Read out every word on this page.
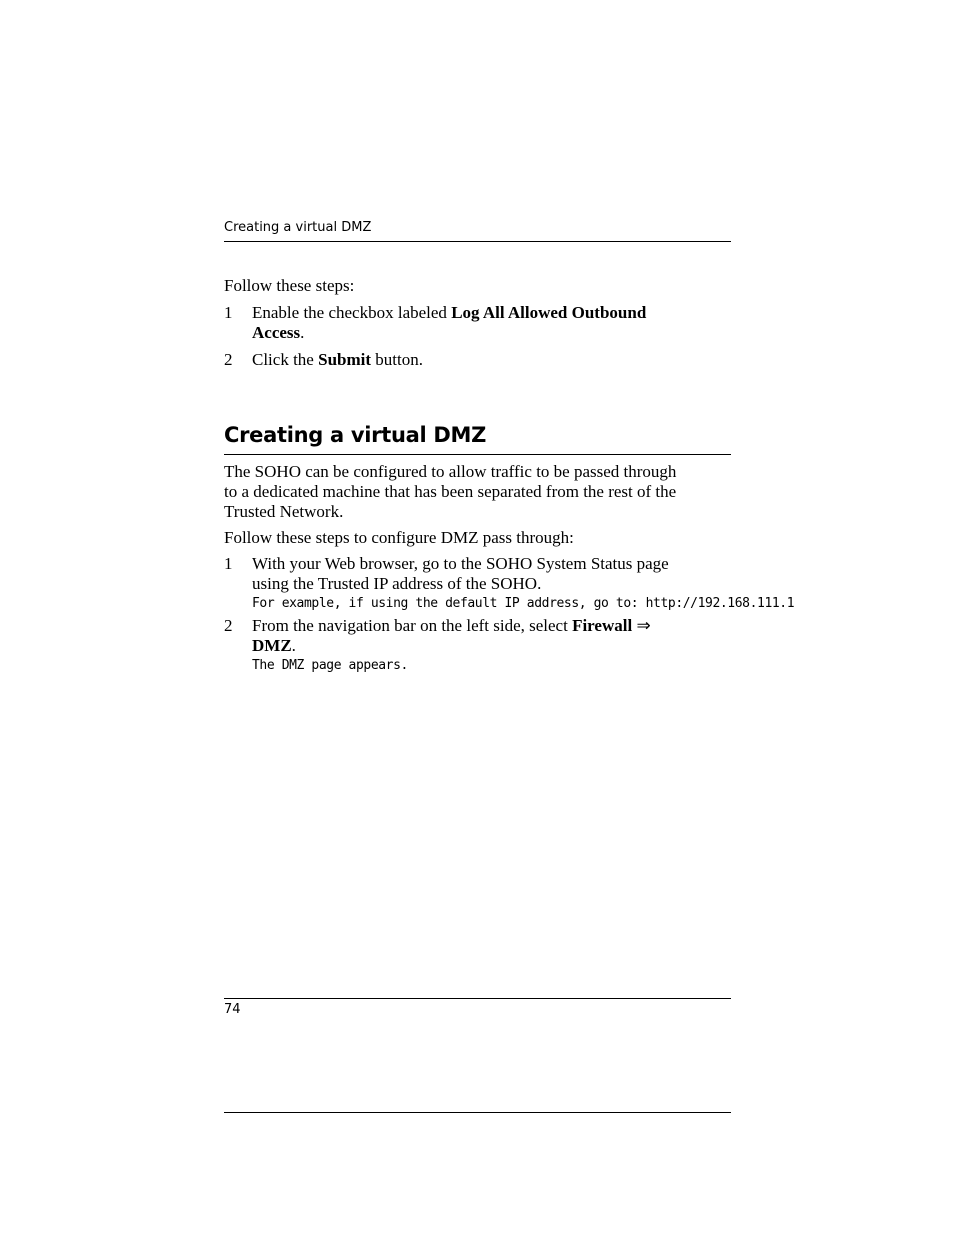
Creating a virtual DMZ
Follow these steps:
1 Enable the checkbox labeled Log All Allowed Outbound
Access.
2 Click the Submit button.
Creating a virtual DMZ
The SOHO can be configured to allow traffic to be passed through
to a dedicated machine that has been separated from the rest of the
Trusted Network.
Follow these steps to configure DMZ pass through:
1 With your Web browser, go to the SOHO System Status page
using the Trusted IP address of the SOHO.
For example, if using the default IP address, go to: http://192.168.111.1
2 From the navigation bar on the left side, select Firewall ⇒
DMZ.
The DMZ page appears.
74
